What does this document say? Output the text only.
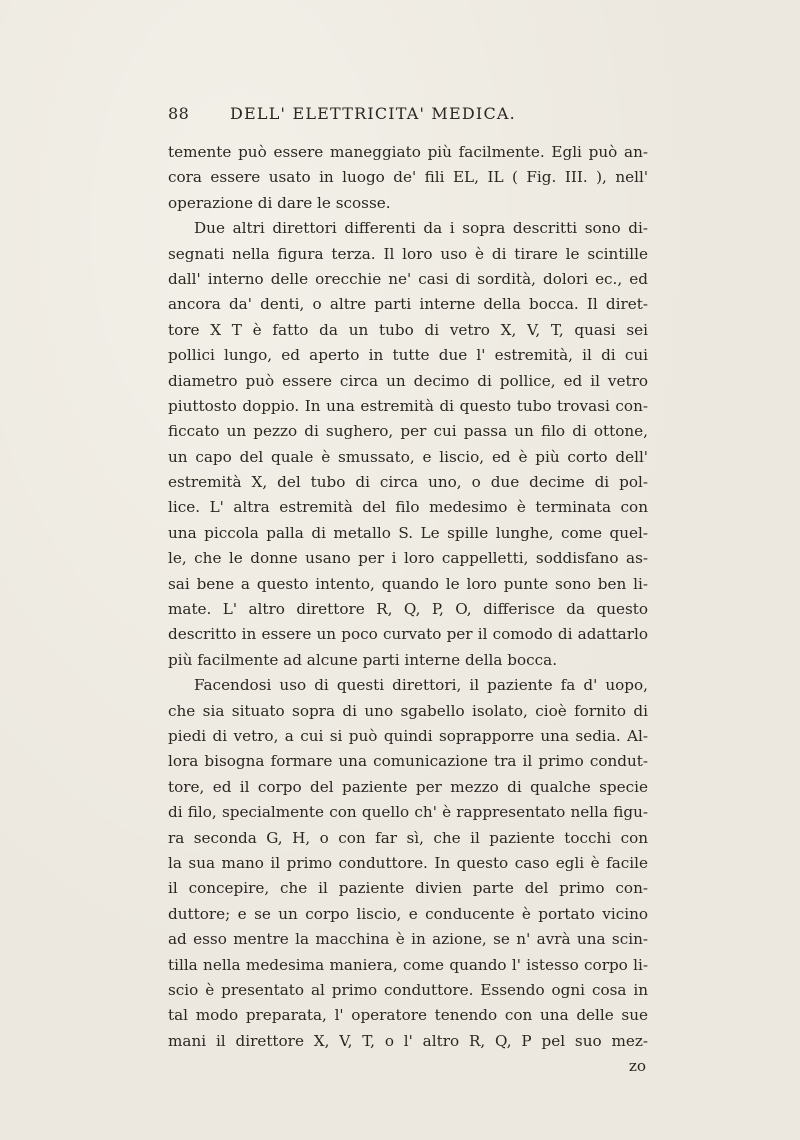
88	DELL' ELETTRICITA' MEDICA.
temente può essere maneggiato più facilmente. Egli può an-
cora essere usato in luogo de' fili EL, IL ( Fig. III. ), nell'
operazione di dare le scosse.
Due altri direttori differenti da i sopra descritti sono di-
segnati nella figura terza. Il loro uso è di tirare le scintille
dall' interno delle orecchie ne' casi di sordità, dolori ec., ed
ancora da' denti, o altre parti interne della bocca. Il diret-
tore X T è fatto da un tubo di vetro X, V, T, quasi sei
pollici lungo, ed aperto in tutte due l' estremità, il di cui
diametro può essere circa un decimo di pollice, ed il vetro
piuttosto doppio. In una estremità di questo tubo trovasi con-
ficcato un pezzo di sughero, per cui passa un filo di ottone,
un capo del quale è smussato, e liscio, ed è più corto dell'
estremità X, del tubo di circa uno, o due decime di pol-
lice. L' altra estremità del filo medesimo è terminata con
una piccola palla di metallo S. Le spille lunghe, come quel-
le, che le donne usano per i loro cappelletti, soddisfano as-
sai bene a questo intento, quando le loro punte sono ben li-
mate. L' altro direttore R, Q, P, O, differisce da questo
descritto in essere un poco curvato per il comodo di adattarlo
più facilmente ad alcune parti interne della bocca.
Facendosi uso di questi direttori, il paziente fa d' uopo,
che sia situato sopra di uno sgabello isolato, cioè fornito di
piedi di vetro, a cui si può quindi soprapporre una sedia. Al-
lora bisogna formare una comunicazione tra il primo condut-
tore, ed il corpo del paziente per mezzo di qualche specie
di filo, specialmente con quello ch' è rappresentato nella figu-
ra seconda G, H, o con far sì, che il paziente tocchi con
la sua mano il primo conduttore. In questo caso egli è facile
il concepire, che il paziente divien parte del primo con-
duttore; e se un corpo liscio, e conducente è portato vicino
ad esso mentre la macchina è in azione, se n' avrà una scin-
tilla nella medesima maniera, come quando l' istesso corpo li-
scio è presentato al primo conduttore. Essendo ogni cosa in
tal modo preparata, l' operatore tenendo con una delle sue
mani il direttore X, V, T, o l' altro R, Q, P pel suo mez-
zo
